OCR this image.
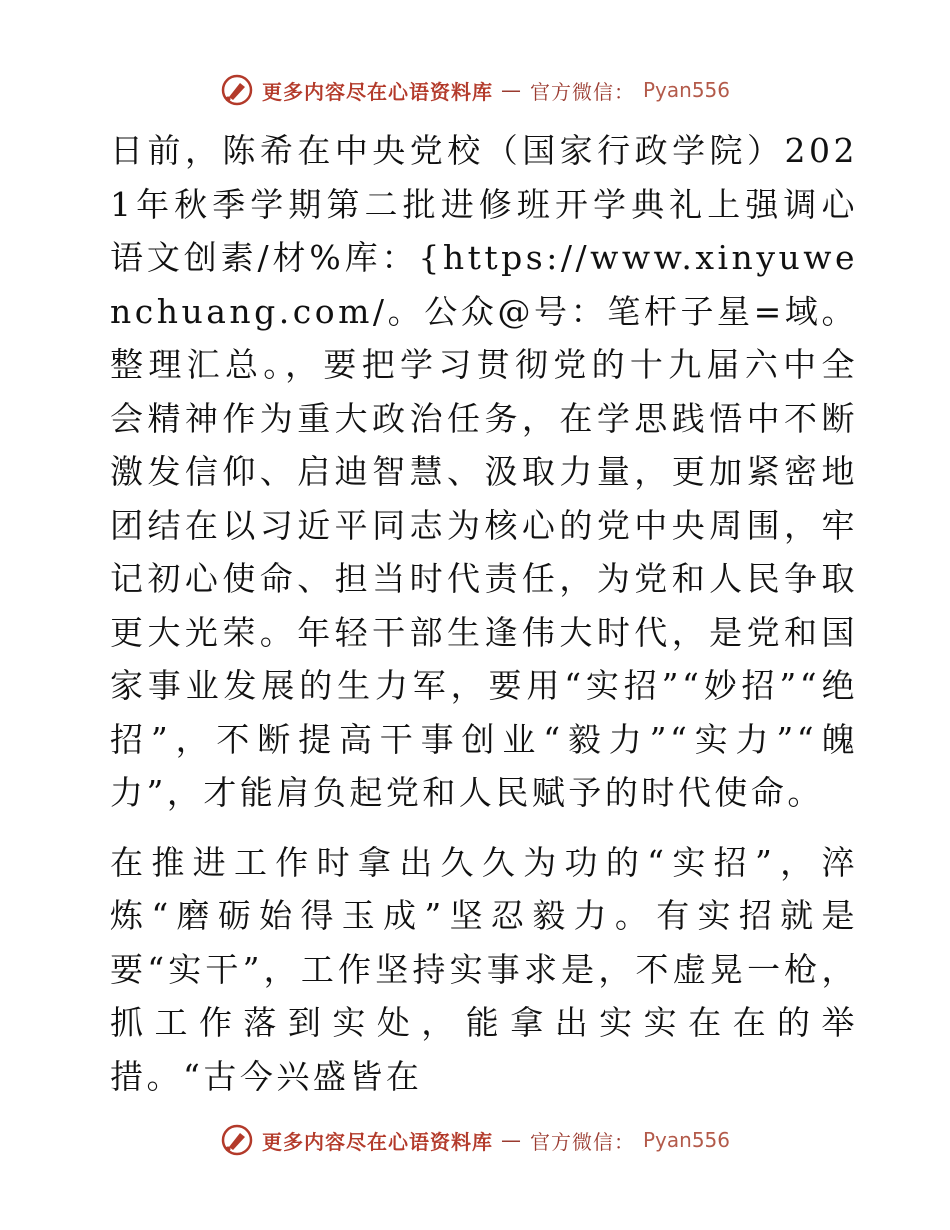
更多内容尽在心语资料库 — 官方微信： Pyan556

日前，陈希在中央党校（国家行政学院）2021年秋季学期第二批进修班开学典礼上强调心语文创素/材%库：{https://www.xinyuwenchuang.com/。公众@号：笔杆子星=域。整理汇总。，要把学习贯彻党的十九届六中全会精神作为重大政治任务，在学思践悟中不断激发信仰、启迪智慧、汲取力量，更加紧密地团结在以习近平同志为核心的党中央周围，牢记初心使命、担当时代责任，为党和人民争取更大光荣。年轻干部生逢伟大时代，是党和国家事业发展的生力军，要用“实招”“妙招”“绝招”，不断提高干事创业“毅力”“实力”“魄力”，才能肩负起党和人民赋予的时代使命。

在推进工作时拿出久久为功的“实招”，淬炼“磨砺始得玉成”坚忍毅力。有实招就是要“实干”，工作坚持实事求是，不虚晃一枪，抓工作落到实处，能拿出实实在在的举措。“古今兴盛皆在

更多内容尽在心语资料库 — 官方微信： Pyan556
